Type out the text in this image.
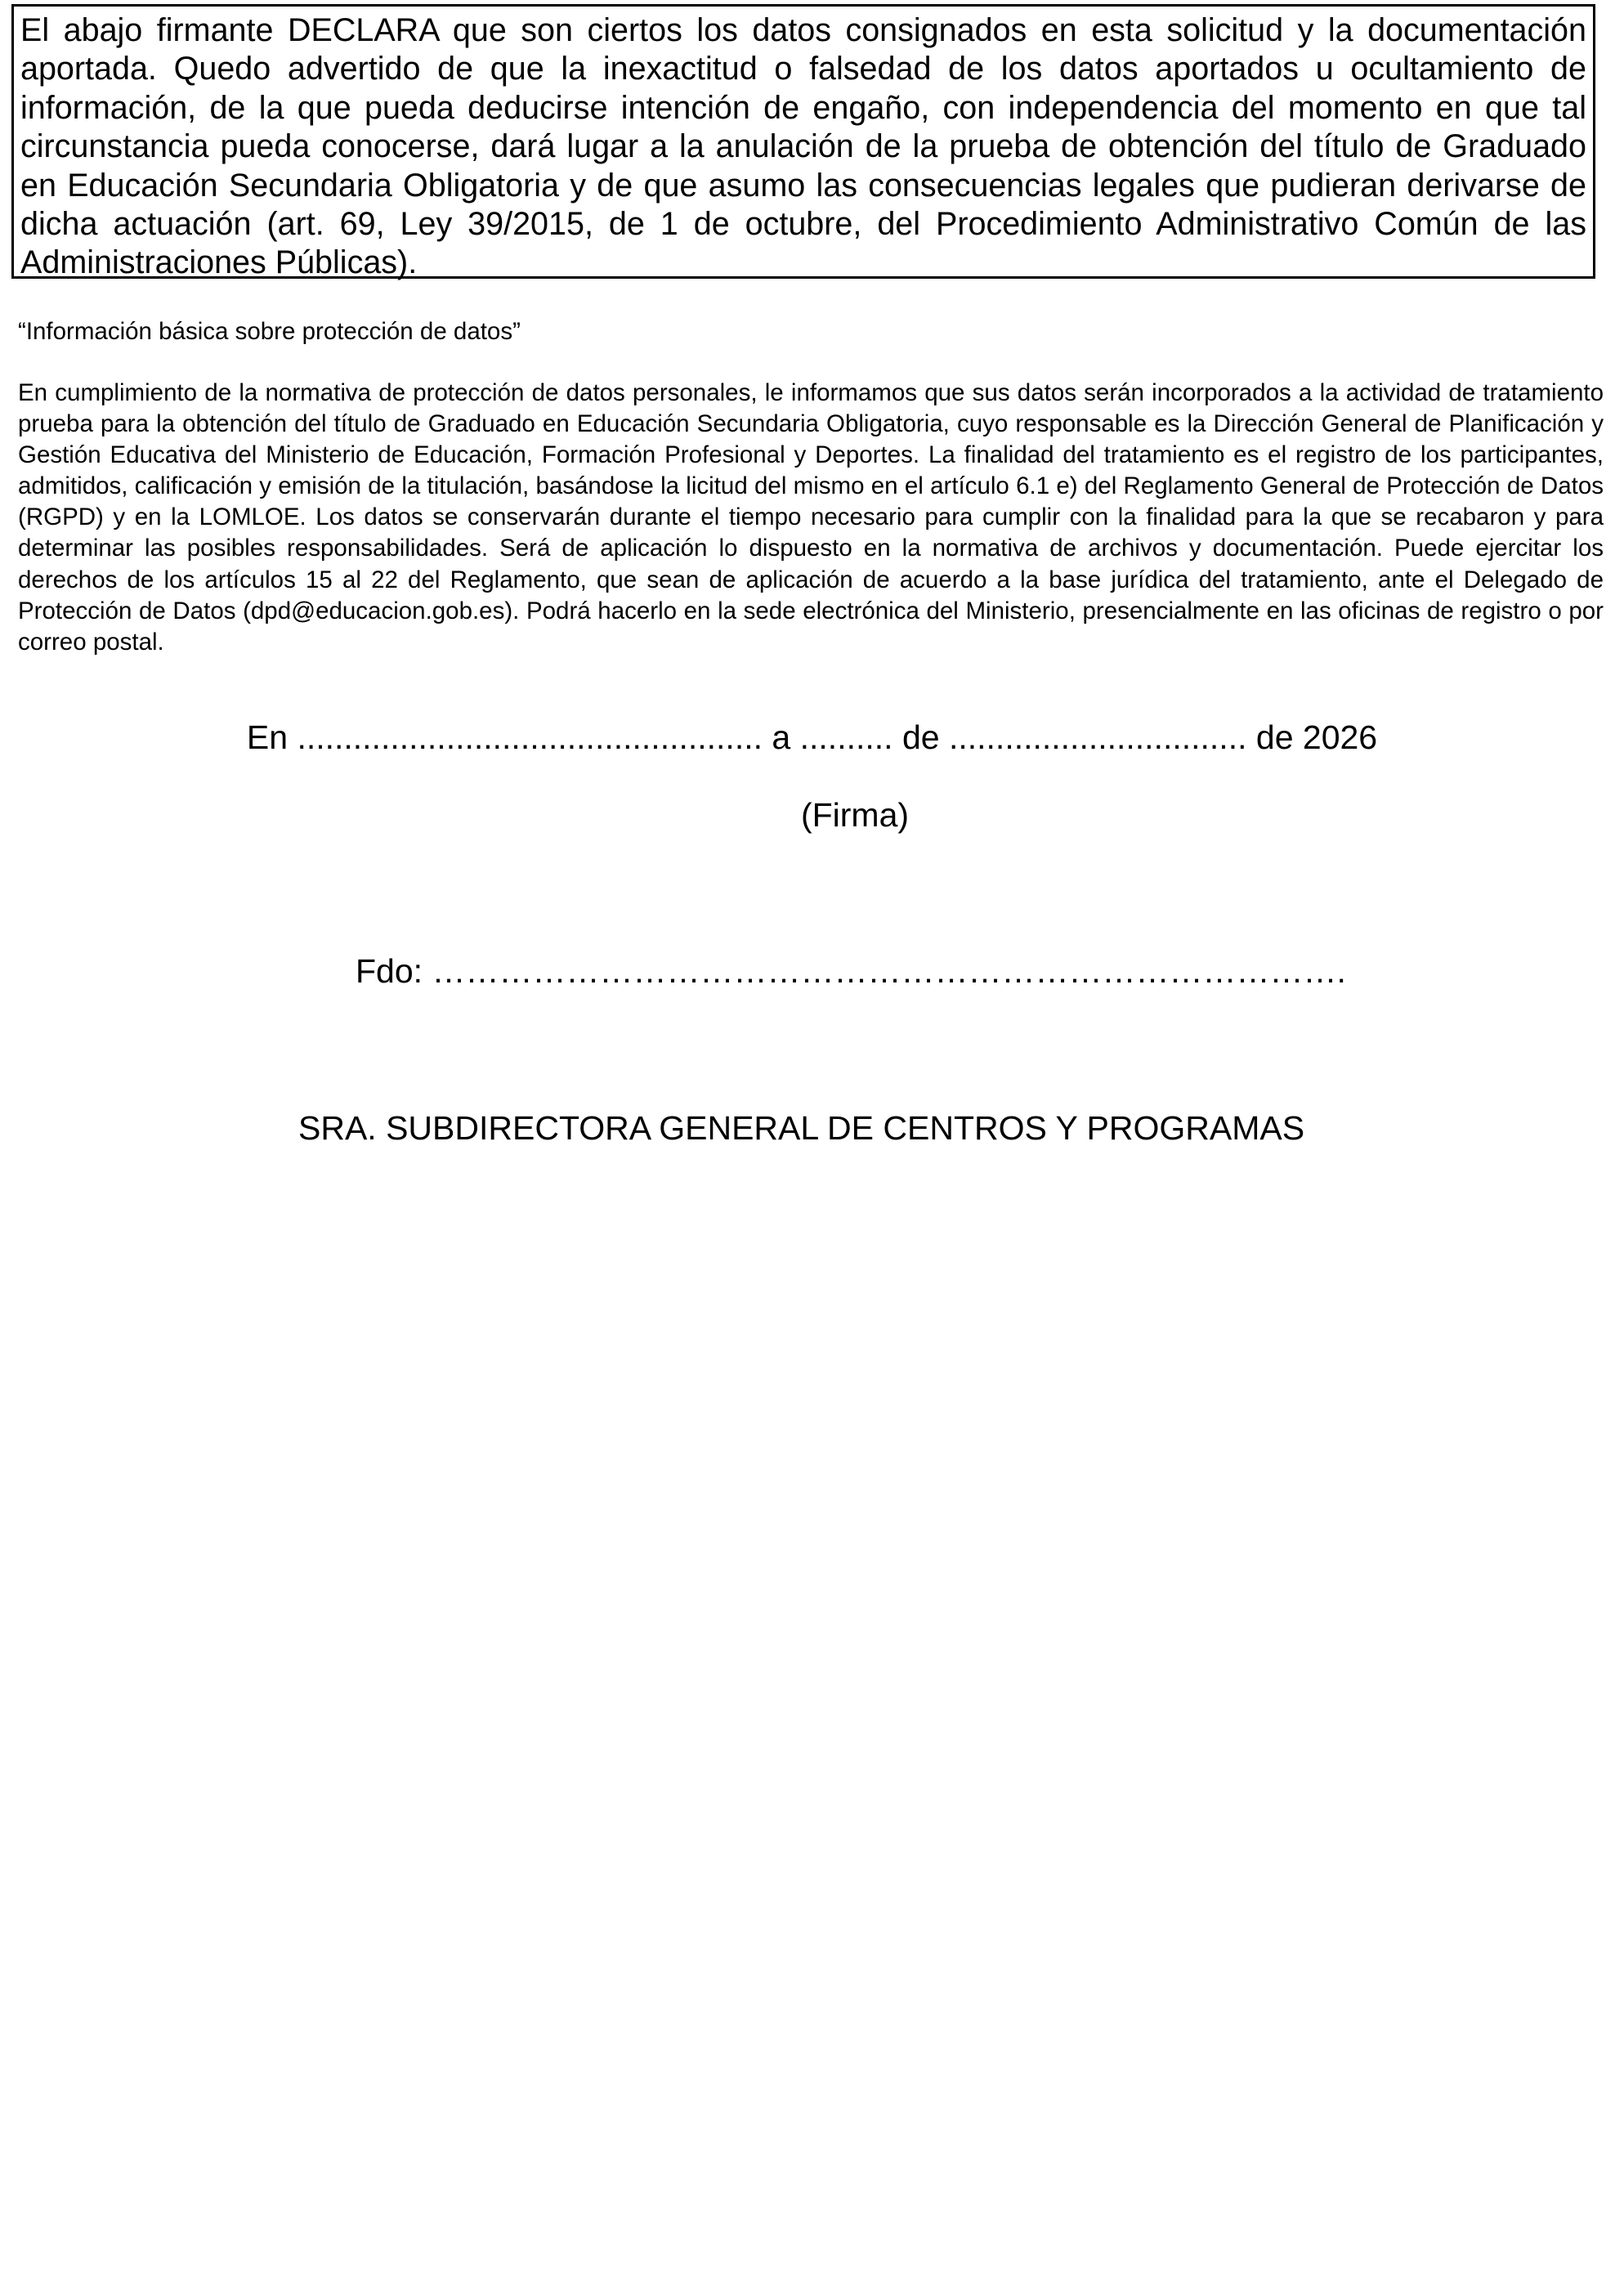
El abajo firmante DECLARA que son ciertos los datos consignados en esta solicitud y la documentación aportada. Quedo advertido de que la inexactitud o falsedad de los datos aportados u ocultamiento de información, de la que pueda deducirse intención de engaño, con independencia del momento en que tal circunstancia pueda conocerse, dará lugar a la anulación de la prueba de obtención del título de Graduado en Educación Secundaria Obligatoria y de que asumo las consecuencias legales que pudieran derivarse de dicha actuación (art. 69, Ley 39/2015, de 1 de octubre, del Procedimiento Administrativo Común de las Administraciones Públicas).
“Información básica sobre protección de datos”
En cumplimiento de la normativa de protección de datos personales, le informamos que sus datos serán incorporados a la actividad de tratamiento prueba para la obtención del título de Graduado en Educación Secundaria Obligatoria, cuyo responsable es la Dirección General de Planificación y Gestión Educativa del Ministerio de Educación, Formación Profesional y Deportes. La finalidad del tratamiento es el registro de los participantes, admitidos, calificación y emisión de la titulación, basándose la licitud del mismo en el artículo 6.1 e) del Reglamento General de Protección de Datos (RGPD) y en la LOMLOE. Los datos se conservarán durante el tiempo necesario para cumplir con la finalidad para la que se recabaron y para determinar las posibles responsabilidades. Será de aplicación lo dispuesto en la normativa de archivos y documentación. Puede ejercitar los derechos de los artículos 15 al 22 del Reglamento, que sean de aplicación de acuerdo a la base jurídica del tratamiento, ante el Delegado de Protección de Datos (dpd@educacion.gob.es). Podrá hacerlo en la sede electrónica del Ministerio, presencialmente en las oficinas de registro o por correo postal.
En .................................................. a .......... de ................................ de 2026
(Firma)
Fdo: ……………………………………………………………………….
SRA. SUBDIRECTORA GENERAL DE CENTROS Y PROGRAMAS
